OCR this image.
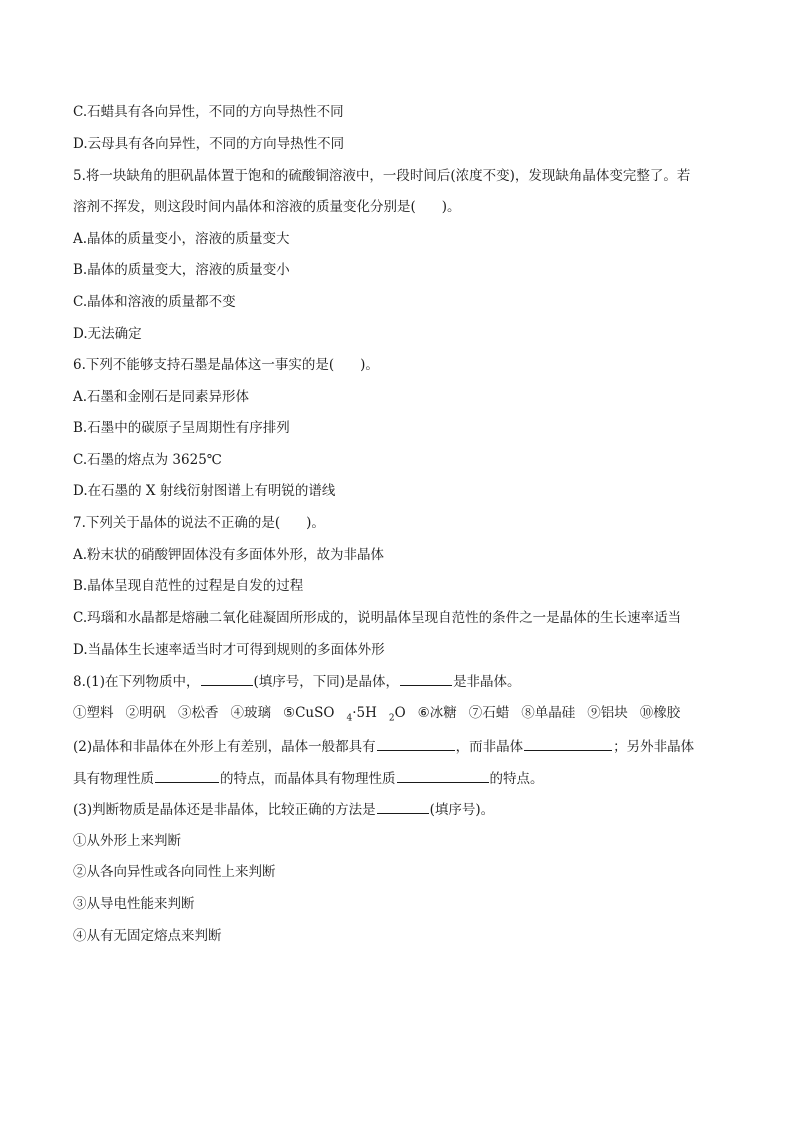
C.石蜡具有各向异性，不同的方向导热性不同
D.云母具有各向异性，不同的方向导热性不同
5.将一块缺角的胆矾晶体置于饱和的硫酸铜溶液中，一段时间后(浓度不变)，发现缺角晶体变完整了。若
溶剂不挥发，则这段时间内晶体和溶液的质量变化分别是( )。
A.晶体的质量变小，溶液的质量变大
B.晶体的质量变大，溶液的质量变小
C.晶体和溶液的质量都不变
D.无法确定
6.下列不能够支持石墨是晶体这一事实的是( )。
A.石墨和金刚石是同素异形体
B.石墨中的碳原子呈周期性有序排列
C.石墨的熔点为 3625℃
D.在石墨的 X 射线衍射图谱上有明锐的谱线
7.下列关于晶体的说法不正确的是( )。
A.粉末状的硝酸钾固体没有多面体外形，故为非晶体
B.晶体呈现自范性的过程是自发的过程
C.玛瑙和水晶都是熔融二氧化硅凝固所形成的，说明晶体呈现自范性的条件之一是晶体的生长速率适当
D.当晶体生长速率适当时才可得到规则的多面体外形
8.(1)在下列物质中，	(填序号，下同)是晶体，	是非晶体。
①塑料 ②明矾 ③松香 ④玻璃 ⑤CuSO $_4$·5H $_2$O ⑥冰糖 ⑦石蜡 ⑧单晶硅 ⑨铝块 ⑩橡胶
(2)晶体和非晶体在外形上有差别，晶体一般都具有	，而非晶体	；另外非晶体
具有物理性质	的特点，而晶体具有物理性质	的特点。
(3)判断物质是晶体还是非晶体，比较正确的方法是	(填序号)。
①从外形上来判断
②从各向异性或各向同性上来判断
③从导电性能来判断
④从有无固定熔点来判断
